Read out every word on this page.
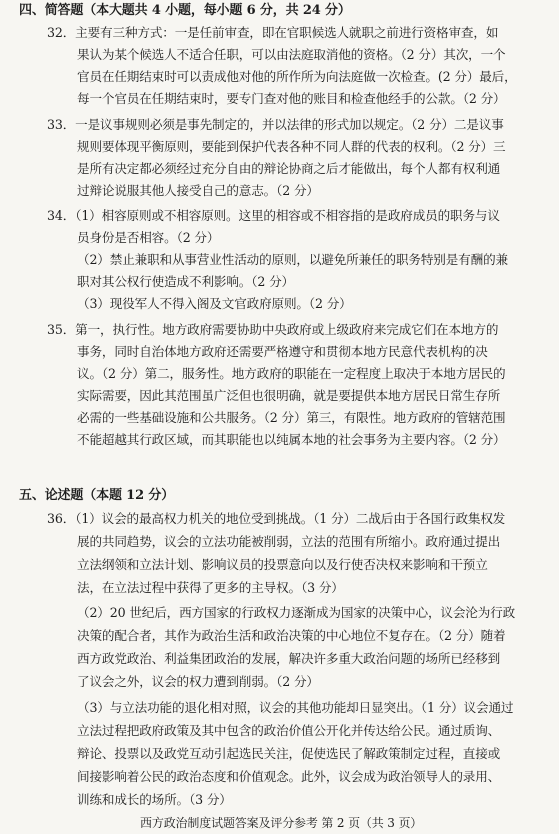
四、简答题（本大题共 4 小题，每小题 6 分，共 24 分）
32．主要有三种方式：一是任前审查，即在官职候选人就职之前进行资格审查，如
果认为某个候选人不适合任职，可以由法庭取消他的资格。（2 分）其次，一个
官员在任期结束时可以责成他对他的所作所为向法庭做一次检查。(2 分）最后，
每一个官员在任期结束时，要专门查对他的账目和检查他经手的公款。（2 分）
33．一是议事规则必须是事先制定的，并以法律的形式加以规定。（2 分）二是议事
规则要体现平衡原则，要能到保护代表各种不同人群的代表的权利。（2 分）三
是所有决定都必须经过充分自由的辩论协商之后才能做出，每个人都有权利通
过辩论说服其他人接受自己的意志。（2 分）
34．（1）相容原则或不相容原则。这里的相容或不相容指的是政府成员的职务与议
员身份是否相容。（2 分）
（2）禁止兼职和从事营业性活动的原则，以避免所兼任的职务特别是有酬的兼
职对其公权行使造成不利影响。（2 分）
（3）现役军人不得入阁及文官政府原则。（2 分）
35．第一，执行性。地方政府需要协助中央政府或上级政府来完成它们在本地方的
事务，同时自治体地方政府还需要严格遵守和贯彻本地方民意代表机构的决
议。（2 分）第二，服务性。地方政府的职能在一定程度上取决于本地方居民的
实际需要，因此其范围虽广泛但也很明确，就是要提供本地方居民日常生存所
必需的一些基础设施和公共服务。（2 分）第三，有限性。地方政府的管辖范围
不能超越其行政区域，而其职能也以纯属本地的社会事务为主要内容。（2 分）
五、论述题（本题 12 分）
36．（1）议会的最高权力机关的地位受到挑战。（1 分）二战后由于各国行政集权发
展的共同趋势，议会的立法功能被削弱，立法的范围有所缩小。政府通过提出
立法纲领和立法计划、影响议员的投票意向以及行使否决权来影响和干预立
法，在立法过程中获得了更多的主导权。（3 分）
（2）20 世纪后，西方国家的行政权力逐渐成为国家的决策中心，议会沦为行政
决策的配合者，其作为政治生活和政治决策的中心地位不复存在。（2 分）随着
西方政党政治、利益集团政治的发展，解决许多重大政治问题的场所已经移到
了议会之外，议会的权力遭到削弱。（2 分）
（3）与立法功能的退化相对照，议会的其他功能却日显突出。（1 分）议会通过
立法过程把政府政策及其中包含的政治价值公开化并传达给公民。通过质询、
辩论、投票以及政党互动引起选民关注，促使选民了解政策制定过程，直接或
间接影响着公民的政治态度和价值观念。此外，议会成为政治领导人的录用、
训练和成长的场所。（3 分）
西方政治制度试题答案及评分参考 第 2 页（共 3 页）
